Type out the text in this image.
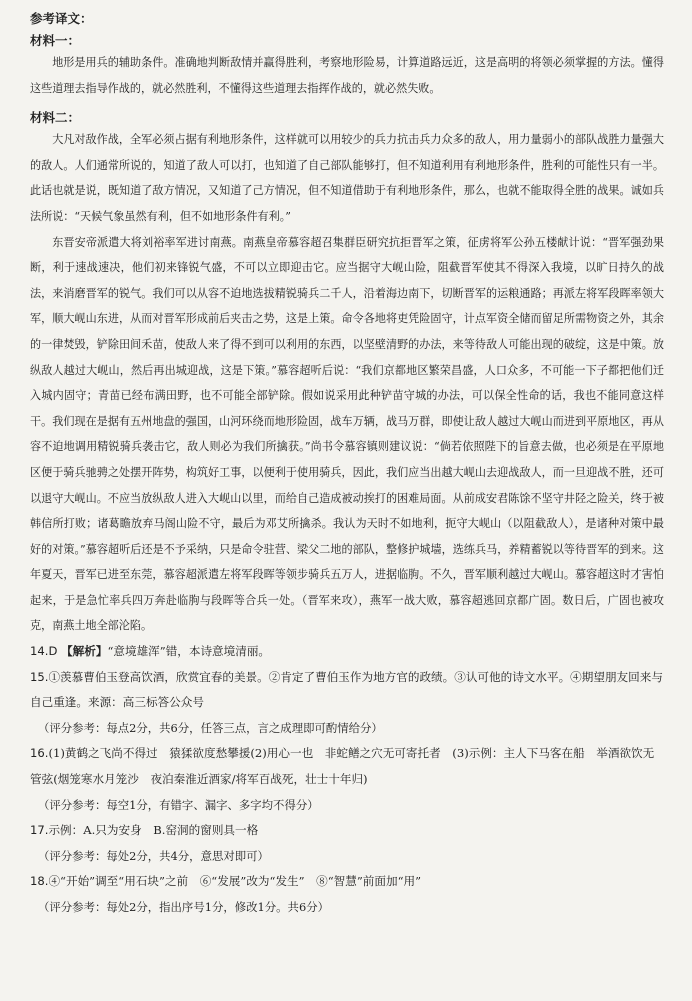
参考译文：

材料一：

地形是用兵的辅助条件。准确地判断敌情并赢得胜利，考察地形险易，计算道路远近，这是高明的将领必须掌握的方法。懂得这些道理去指导作战的，就必然胜利，不懂得这些道理去指挥作战的，就必然失败。

材料二：

大凡对敌作战，全军必须占据有利地形条件，这样就可以用较少的兵力抗击兵力众多的敌人，用力量弱小的部队战胜力量强大的敌人。人们通常所说的，知道了敌人可以打，也知道了自己部队能够打，但不知道利用有利地形条件，胜利的可能性只有一半。此话也就是说，既知道了敌方情况，又知道了己方情况，但不知道借助于有利地形条件，那么，也就不能取得全胜的战果。诚如兵法所说：“天候气象虽然有利，但不如地形条件有利。”

东晋安帝派遣大将刘裕率军进讨南燕。南燕皇帝慕容超召集群臣研究抗拒晋军之策，征虏将军公孙五楼献计说：“晋军强劲果断，利于速战速决，他们初来锋锐气盛，不可以立即迎击它。应当据守大岘山险，阻截晋军使其不得深入我境，以旷日持久的战法，来消磨晋军的锐气。我们可以从容不迫地选拔精锐骑兵二千人，沿着海边南下，切断晋军的运粮通路；再派左将军段晖率领大军，顺大岘山东进，从而对晋军形成前后夹击之势，这是上策。命令各地将吏凭险固守，计点军资全储而留足所需物资之外，其余的一律焚毁，铲除田间禾苗，使敌人来了得不到可以利用的东西，以坚壁清野的办法，来等待敌人可能出现的破绽，这是中策。放纵敌人越过大岘山，然后再出城迎战，这是下策。”慕容超听后说：“我们京都地区繁荣昌盛，人口众多，不可能一下子都把他们迁入城内固守；青苗已经布满田野，也不可能全部铲除。假如说采用此种铲苗守城的办法，可以保全性命的话，我也不能同意这样干。我们现在是据有五州地盘的强国，山河环绕而地形险固，战车万辆，战马万群，即使让敌人越过大岘山而进到平原地区，再从容不迫地调用精锐骑兵袭击它，敌人则必为我们所擒获。”尚书令慕容镇则建议说：“倘若依照陛下的旨意去做，也必须是在平原地区便于骑兵驰骋之处摆开阵势，构筑好工事，以便利于使用骑兵，因此，我们应当出越大岘山去迎战敌人，而一旦迎战不胜，还可以退守大岘山。不应当放纵敌人进入大岘山以里，而给自己造成被动挨打的困难局面。从前成安君陈馀不坚守井陉之险关，终于被韩信所打败；诸葛瞻放弃马阁山险不守，最后为邓艾所擒杀。我认为天时不如地利，扼守大岘山（以阻截敌人），是诸种对策中最好的对策。”慕容超听后还是不予采纳，只是命令驻营、梁父二地的部队，整修护城墙，选练兵马，养精蓄锐以等待晋军的到来。这年夏天，晋军已进至东莞，慕容超派遣左将军段晖等领步骑兵五万人，进据临朐。不久，晋军顺利越过大岘山。慕容超这时才害怕起来，于是急忙率兵四万奔赴临朐与段晖等合兵一处。（晋军来攻），燕军一战大败，慕容超逃回京都广固。数日后，广固也被攻克，南燕土地全部沦陷。

14.D 【解析】“意境雄浑”错，本诗意境清丽。

15.①羡慕曹伯玉登高饮酒，欣赏宜春的美景。②肯定了曹伯玉作为地方官的政绩。③认可他的诗文水平。④期望朋友回来与自己重逢。来源：高三标答公众号

（评分参考：每点2分，共6分，任答三点，言之成理即可酌情给分）

16.(1)黄鹤之飞尚不得过　猿猱欲度愁攀援(2)用心一也　非蛇鳝之穴无可寄托者　(3)示例：主人下马客在船　举酒欲饮无管弦(烟笼寒水月笼沙　夜泊秦淮近酒家/将军百战死，壮士十年归)

（评分参考：每空1分，有错字、漏字、多字均不得分）

17.示例：A.只为安身　B.窑洞的窗则具一格

（评分参考：每处2分，共4分，意思对即可）

18.④“开始”调至“用石块”之前　⑥“发展”改为“发生”　⑧“智慧”前面加“用”

（评分参考：每处2分，指出序号1分，修改1分。共6分）
